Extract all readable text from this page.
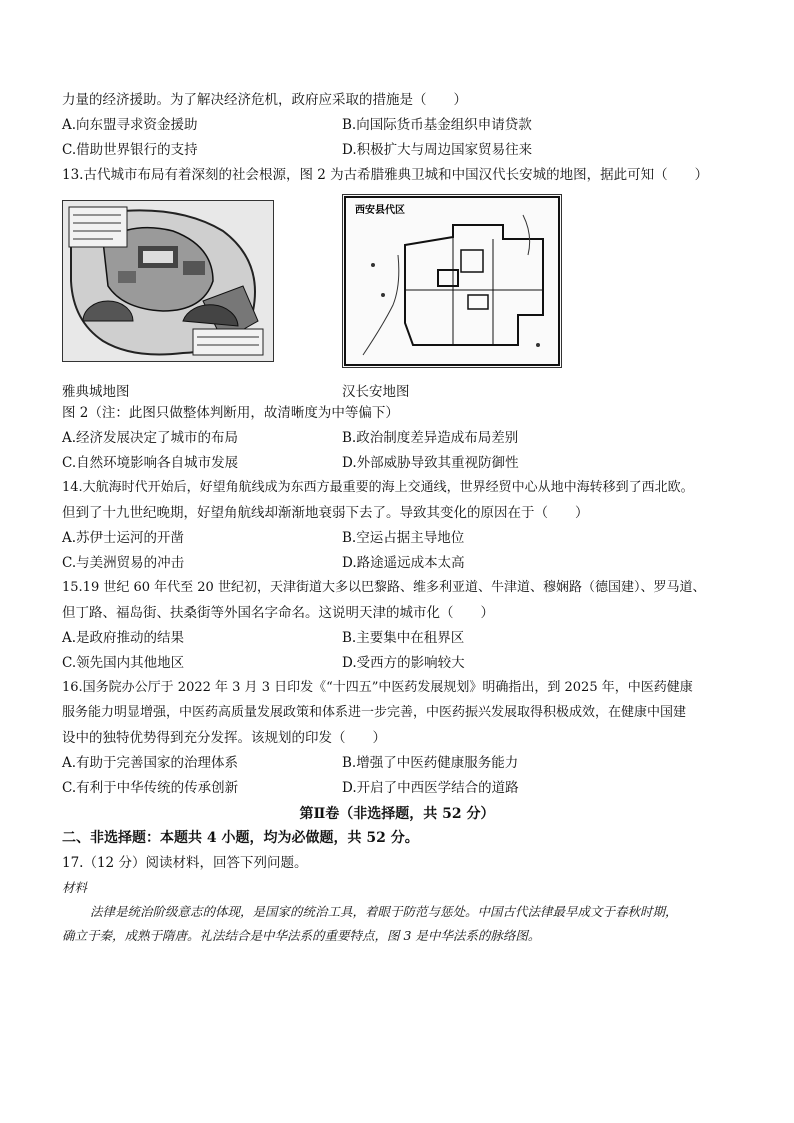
力量的经济援助。为了解决经济危机，政府应采取的措施是（　　）
A.向东盟寻求资金援助	B.向国际货币基金组织申请贷款
C.借助世界银行的支持	D.积极扩大与周边国家贸易往来
13.古代城市布局有着深刻的社会根源，图 2 为古希腊雅典卫城和中国汉代长安城的地图，据此可知（　　）
雅典城地图
西安县代区
汉长安地图
图 2（注：此图只做整体判断用，故清晰度为中等偏下）
A.经济发展决定了城市的布局	B.政治制度差异造成布局差别
C.自然环境影响各自城市发展	D.外部威胁导致其重视防御性
14.大航海时代开始后，好望角航线成为东西方最重要的海上交通线，世界经贸中心从地中海转移到了西北欧。
但到了十九世纪晚期，好望角航线却渐渐地衰弱下去了。导致其变化的原因在于（　　）
A.苏伊士运河的开凿	B.空运占据主导地位
C.与美洲贸易的冲击	D.路途遥远成本太高
15.19 世纪 60 年代至 20 世纪初，天津街道大多以巴黎路、维多利亚道、牛津道、穆娴路（德国建）、罗马道、
但丁路、福岛街、扶桑街等外国名字命名。这说明天津的城市化（　　）
A.是政府推动的结果	B.主要集中在租界区
C.领先国内其他地区	D.受西方的影响较大
16.国务院办公厅于 2022 年 3 月 3 日印发《“十四五”中医药发展规划》明确指出，到 2025 年，中医药健康
服务能力明显增强，中医药高质量发展政策和体系进一步完善，中医药振兴发展取得积极成效，在健康中国建
设中的独特优势得到充分发挥。该规划的印发（　　）
A.有助于完善国家的治理体系	B.增强了中医药健康服务能力
C.有利于中华传统的传承创新	D.开启了中西医学结合的道路
第Ⅱ卷（非选择题，共 52 分）
二、非选择题：本题共 4 小题，均为必做题，共 52 分。
17.（12 分）阅读材料，回答下列问题。
材料
法律是统治阶级意志的体现，是国家的统治工具，着眼于防范与惩处。中国古代法律最早成文于春秋时期，
确立于秦，成熟于隋唐。礼法结合是中华法系的重要特点，图 3 是中华法系的脉络图。
